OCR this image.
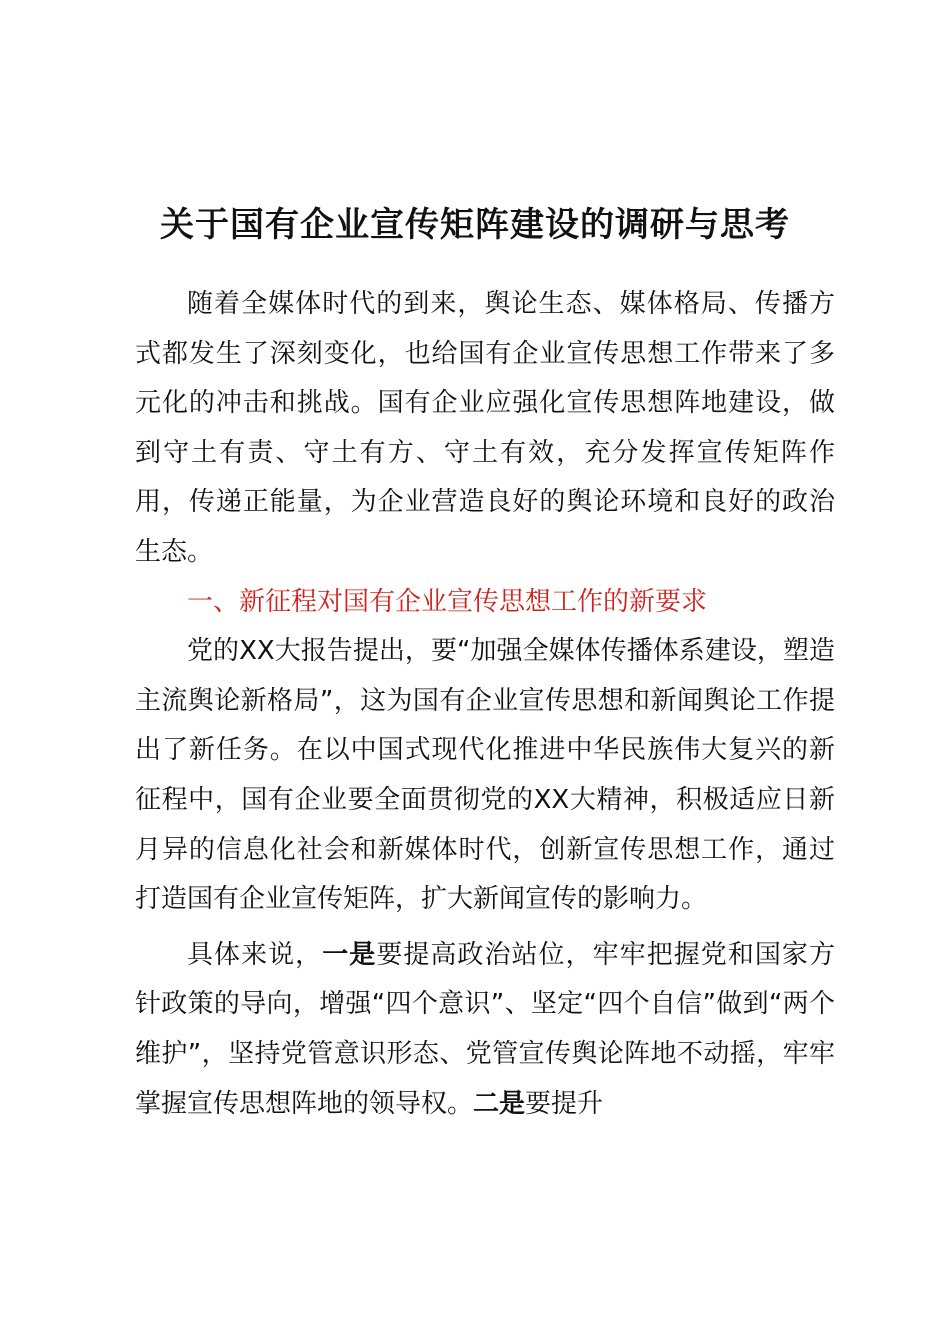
关于国有企业宣传矩阵建设的调研与思考

随着全媒体时代的到来，舆论生态、媒体格局、传播方式都发生了深刻变化，也给国有企业宣传思想工作带来了多元化的冲击和挑战。国有企业应强化宣传思想阵地建设，做到守土有责、守土有方、守土有效，充分发挥宣传矩阵作用，传递正能量，为企业营造良好的舆论环境和良好的政治生态。

一、新征程对国有企业宣传思想工作的新要求

党的XX大报告提出，要“加强全媒体传播体系建设，塑造主流舆论新格局”，这为国有企业宣传思想和新闻舆论工作提出了新任务。在以中国式现代化推进中华民族伟大复兴的新征程中，国有企业要全面贯彻党的XX大精神，积极适应日新月异的信息化社会和新媒体时代，创新宣传思想工作，通过打造国有企业宣传矩阵，扩大新闻宣传的影响力。

具体来说，一是要提高政治站位，牢牢把握党和国家方针政策的导向，增强“四个意识”、坚定“四个自信”做到“两个维护”，坚持党管意识形态、党管宣传舆论阵地不动摇，牢牢掌握宣传思想阵地的领导权。二是要提升
